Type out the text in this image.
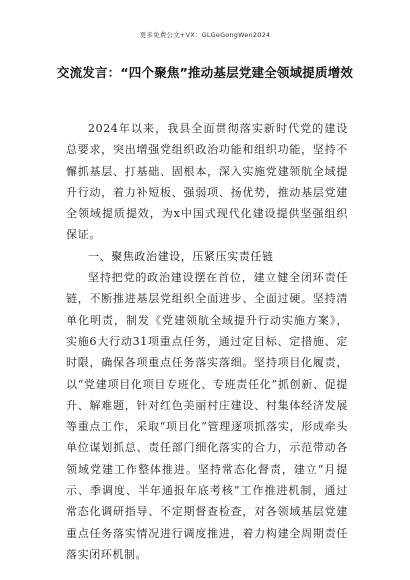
更多免费公文+VX：GLGeGongWen2024
交流发言：“四个聚焦”推动基层党建全领域提质增效

2024年以来，我县全面贯彻落实新时代党的建设总要求，突出增强党组织政治功能和组织功能，坚持不懈抓基层、打基础、固根本，深入实施党建领航全域提升行动，着力补短板、强弱项、扬优势，推动基层党建全领域提质提效，为x中国式现代化建设提供坚强组织保证。

一、聚焦政治建设，压紧压实责任链

坚持把党的政治建设摆在首位，建立健全闭环责任链，不断推进基层党组织全面进步、全面过硬。坚持清单化明责，制发《党建领航全域提升行动实施方案》，实施6大行动31项重点任务，通过定目标、定措施、定时限，确保各项重点任务落实落细。坚持项目化履责，以“党建项目化项目专班化、专班责任化”抓创新、促提升、解难题，针对红色美丽村庄建设、村集体经济发展等重点工作，采取“项目化”管理逐项抓落实，形成牵头单位谋划抓总、责任部门细化落实的合力，示范带动各领域党建工作整体推进。坚持常态化督责，建立“月提示、季调度、半年通报年底考核”工作推进机制，通过常态化调研指导、不定期督查检查，对各领域基层党建重点任务落实情况进行调度推进，着力构建全周期责任落实闭环机制。
